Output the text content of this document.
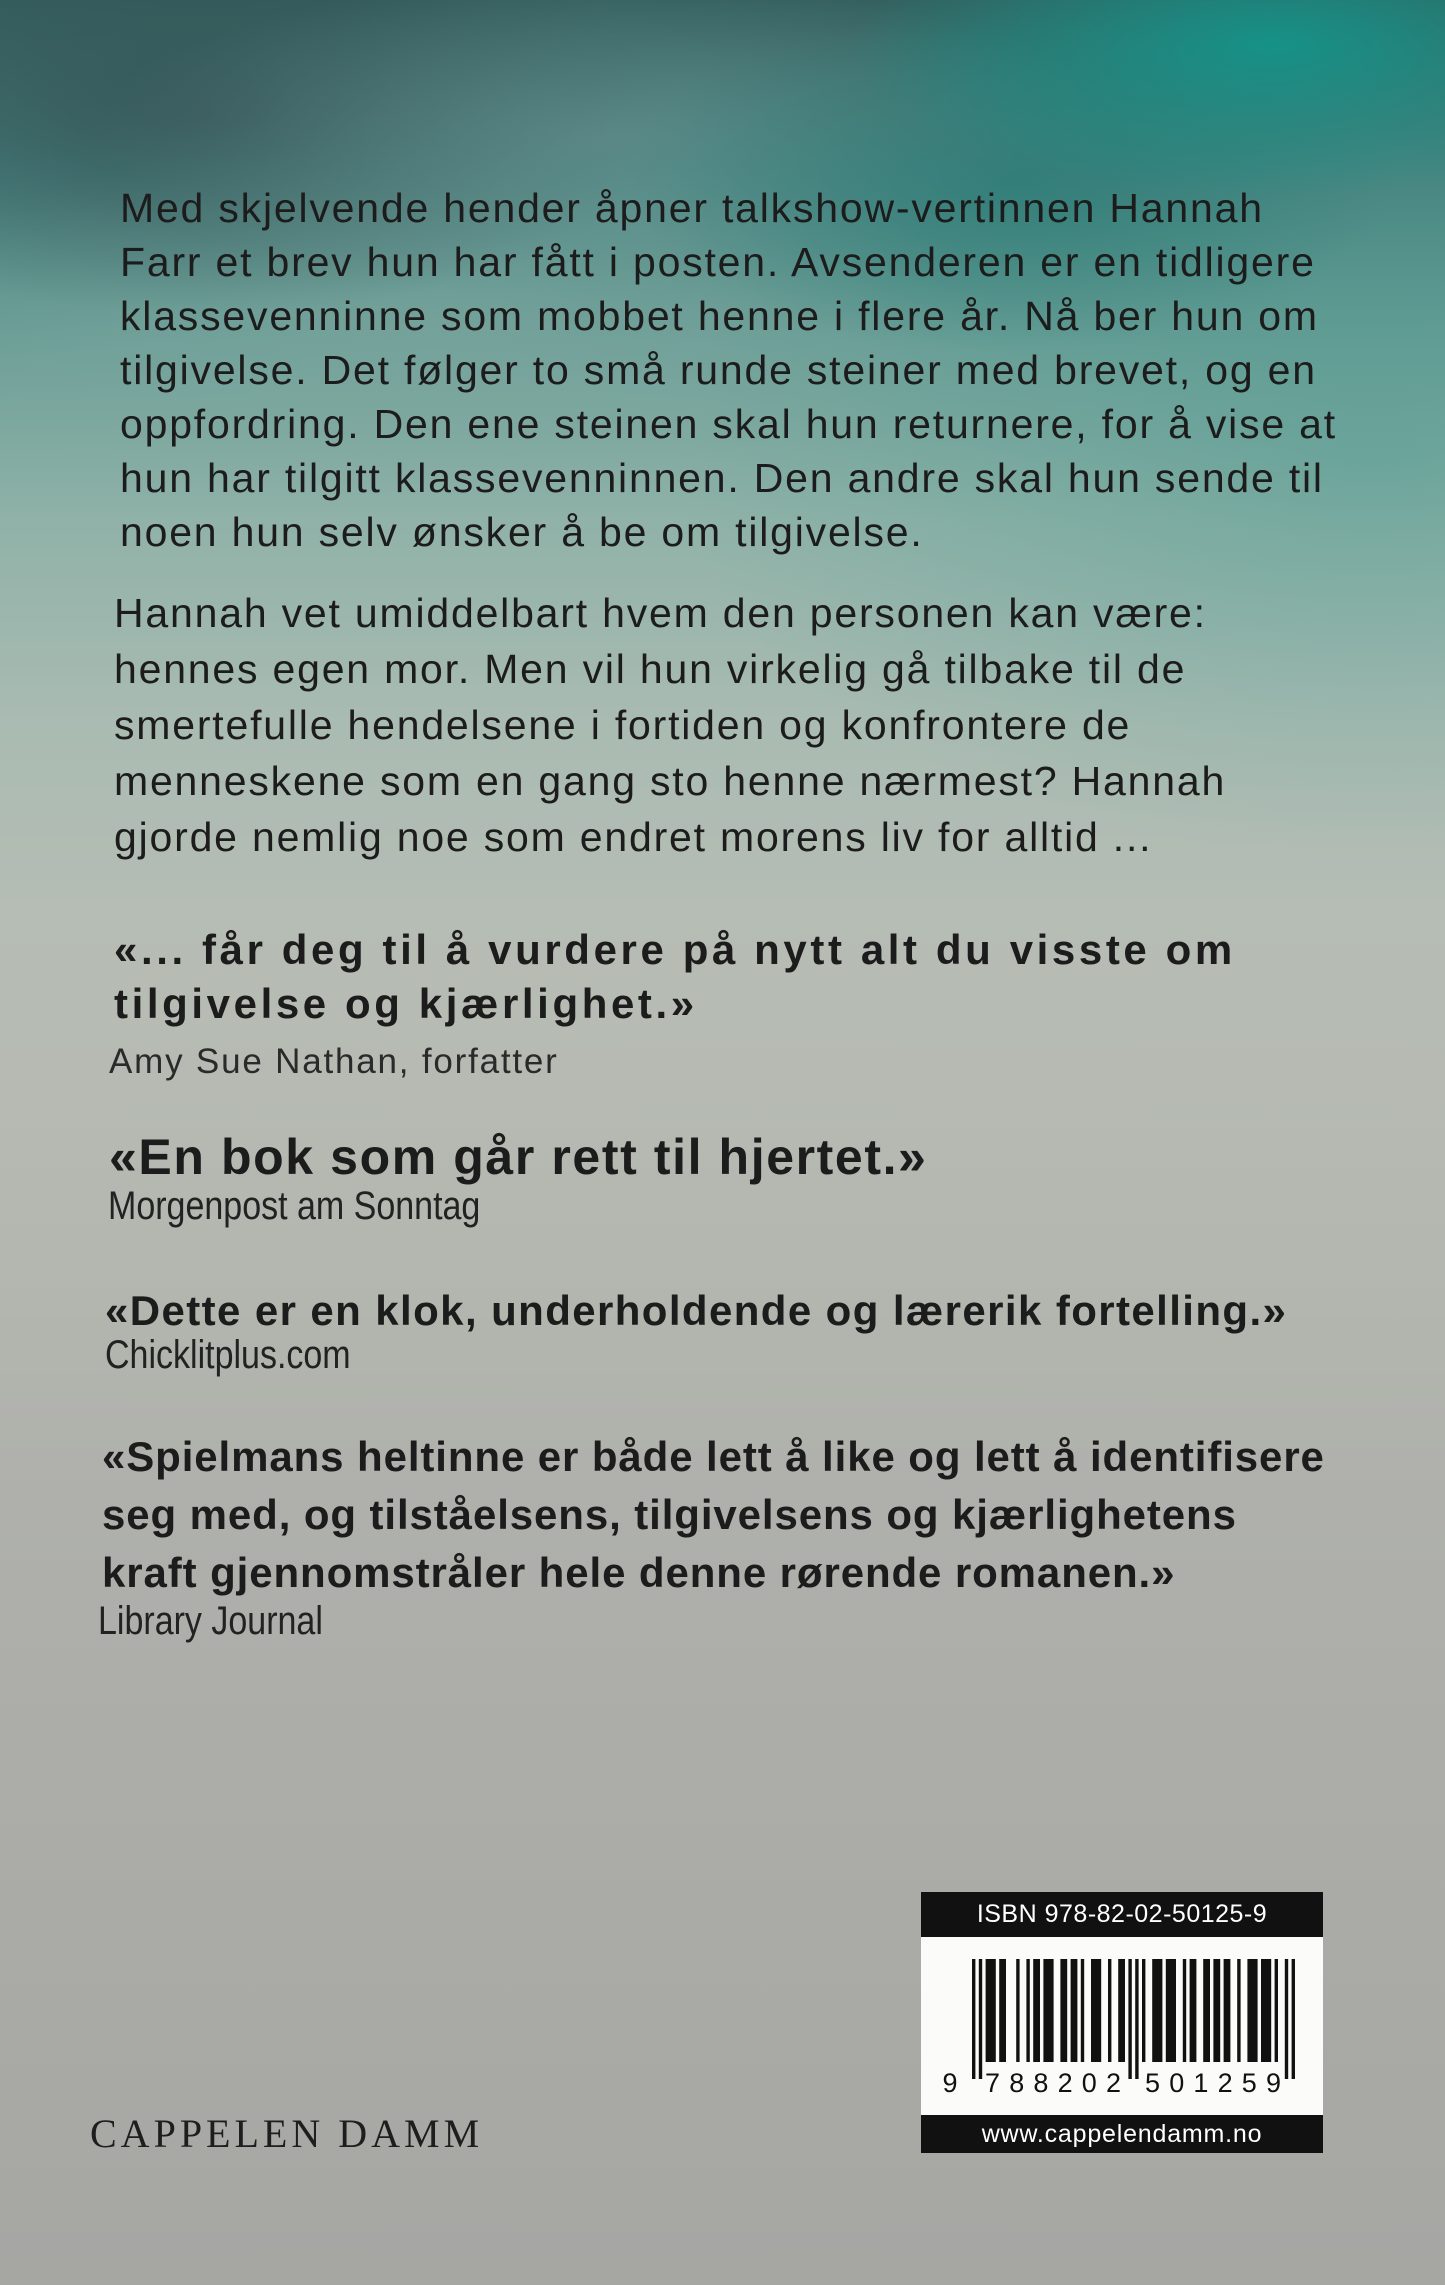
Med skjelvende hender åpner talkshow-vertinnen Hannah
Farr et brev hun har fått i posten. Avsenderen er en tidligere
klassevenninne som mobbet henne i flere år. Nå ber hun om
tilgivelse. Det følger to små runde steiner med brevet, og en
oppfordring. Den ene steinen skal hun returnere, for å vise at
hun har tilgitt klassevenninnen. Den andre skal hun sende til
noen hun selv ønsker å be om tilgivelse.
Hannah vet umiddelbart hvem den personen kan være:
hennes egen mor. Men vil hun virkelig gå tilbake til de
smertefulle hendelsene i fortiden og konfrontere de
menneskene som en gang sto henne nærmest? Hannah
gjorde nemlig noe som endret morens liv for alltid ...
«... får deg til å vurdere på nytt alt du visste om
tilgivelse og kjærlighet.»
Amy Sue Nathan, forfatter
«En bok som går rett til hjertet.»
Morgenpost am Sonntag
«Dette er en klok, underholdende og lærerik fortelling.»
Chicklitplus.com
«Spielmans heltinne er både lett å like og lett å identifisere
seg med, og tilståelsens, tilgivelsens og kjærlighetens
kraft gjennomstråler hele denne rørende romanen.»
Library Journal
CAPPELEN DAMM
ISBN 978-82-02-50125-9
9 788202 501259
www.cappelendamm.no
